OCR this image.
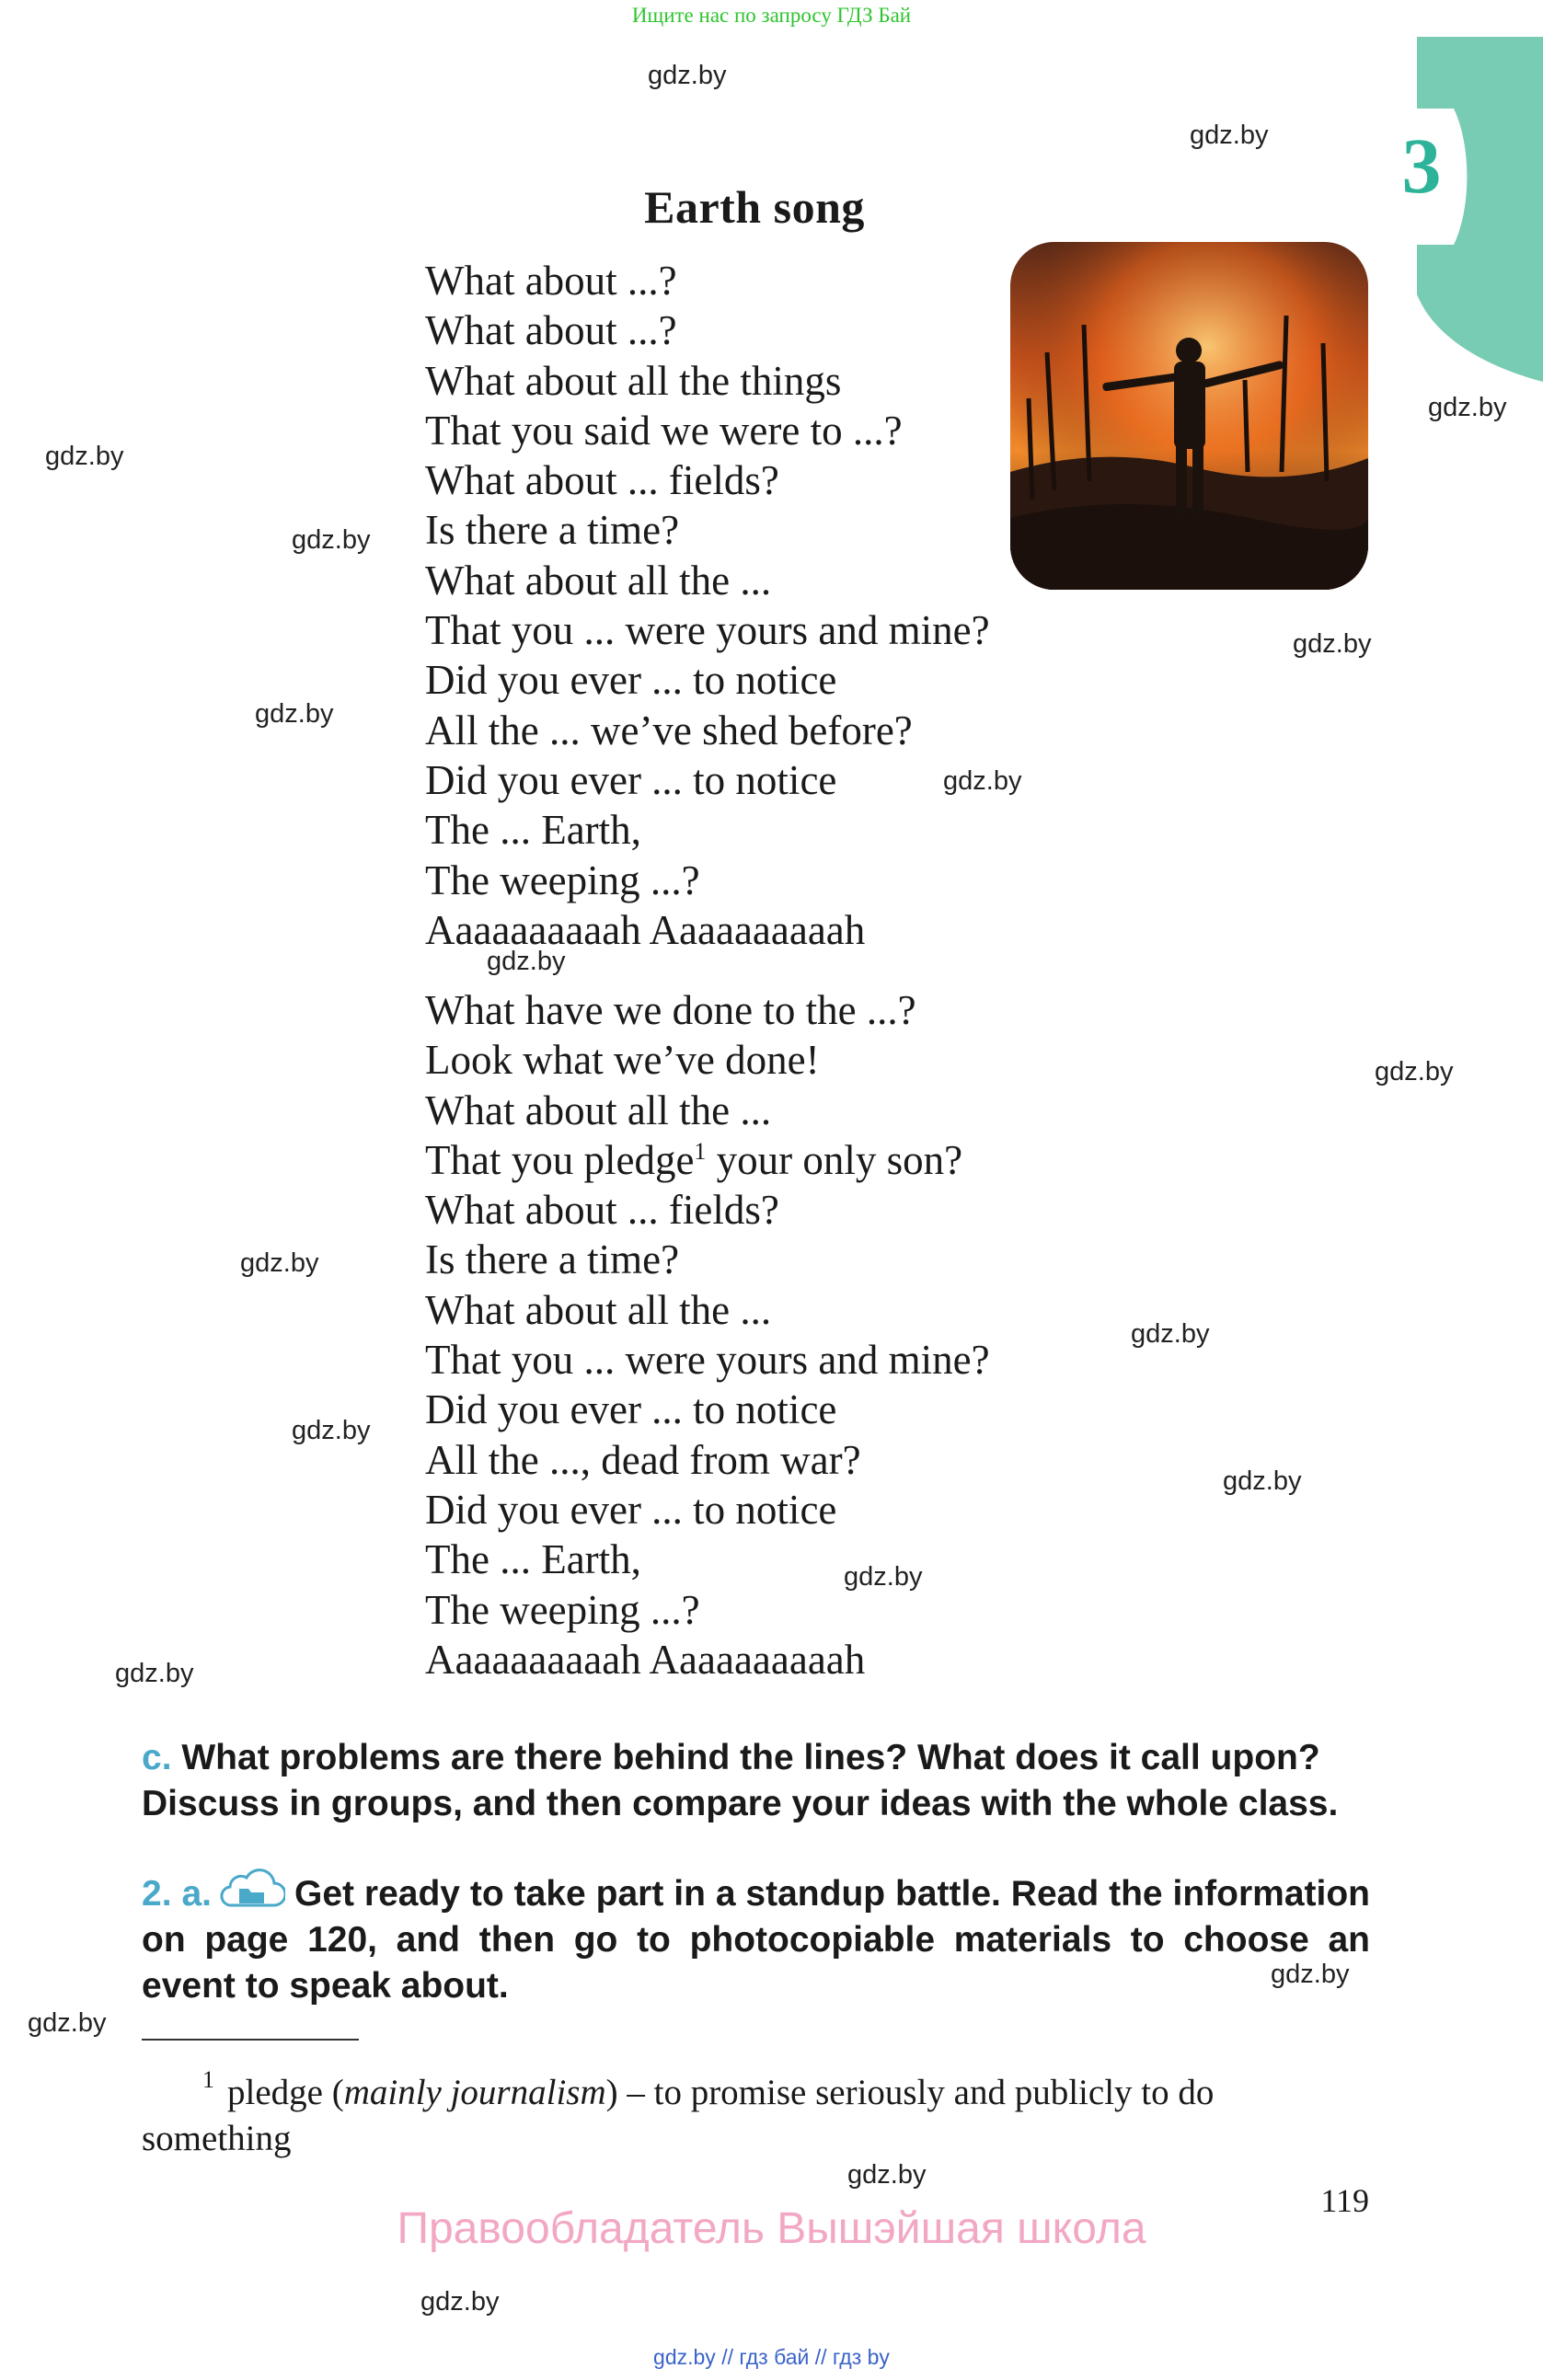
Ищите нас по запросу ГДЗ Бай
3
Earth song
What about ...?
What about ...?
What about all the things
That you said we were to ...?
What about ... fields?
Is there a time?
What about all the ...
That you ... were yours and mine?
Did you ever ... to notice
All the ... we’ve shed before?
Did you ever ... to notice
The ... Earth,
The weeping ...?
Aaaaaaaaaah Aaaaaaaaaah
What have we done to the ...?
Look what we’ve done!
What about all the ...
That you pledge$^1$ your only son?
What about ... fields?
Is there a time?
What about all the ...
That you ... were yours and mine?
Did you ever ... to notice
All the ..., dead from war?
Did you ever ... to notice
The ... Earth,
The weeping ...?
Aaaaaaaaaah Aaaaaaaaaah
c. What problems are there behind the lines? What does it call upon? Discuss in groups, and then compare your ideas with the whole class.
2. a. Get ready to take part in a standup battle. Read the information on page 120, and then go to photocopiable materials to choose an event to speak about.
$^1$ pledge (mainly journalism) – to promise seriously and publicly to do something
119
Правообладатель Вышэйшая школа
gdz.by // гдз бай // гдз by
gdz.by
gdz.by
gdz.by
gdz.by
gdz.by
gdz.by
gdz.by
gdz.by
gdz.by
gdz.by
gdz.by
gdz.by
gdz.by
gdz.by
gdz.by
gdz.by
gdz.by
gdz.by
gdz.by
gdz.by
